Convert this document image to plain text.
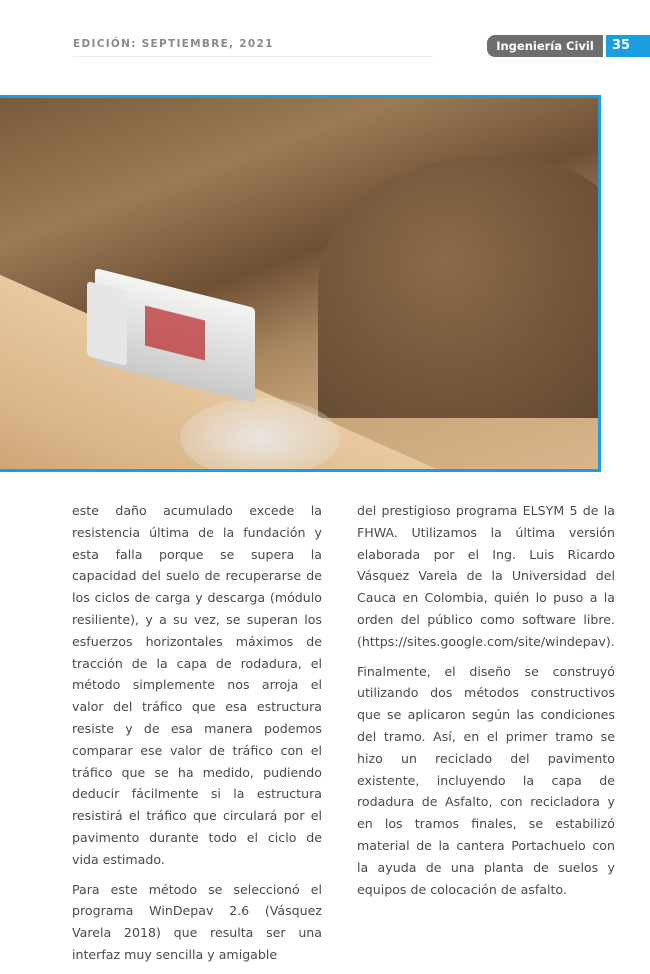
EDICIÓN: SEPTIEMBRE, 2021	Ingeniería Civil	35

este daño acumulado excede la resistencia última de la fundación y esta falla porque se supera la capacidad del suelo de recuperarse de los ciclos de carga y descarga (módulo resiliente), y a su vez, se superan los esfuerzos horizontales máximos de tracción de la capa de rodadura, el método simplemente nos arroja el valor del tráfico que esa estructura resiste y de esa manera podemos comparar ese valor de tráfico con el tráfico que se ha medido, pudiendo deducir fácilmente si la estructura resistirá el tráfico que circulará por el pavimento durante todo el ciclo de vida estimado.

Para este método se seleccionó el programa WinDepav 2.6 (Vásquez Varela 2018) que resulta ser una interfaz muy sencilla y amigable

del prestigioso programa ELSYM 5 de la FHWA. Utilizamos la última versión elaborada por el Ing. Luis Ricardo Vásquez Varela de la Universidad del Cauca en Colombia, quién lo puso a la orden del público como software libre. (https://sites.google.com/site/windepav).

Finalmente, el diseño se construyó utilizando dos métodos constructivos que se aplicaron según las condiciones del tramo. Así, en el primer tramo se hizo un reciclado del pavimento existente, incluyendo la capa de rodadura de Asfalto, con recicladora y en los tramos finales, se estabilizó material de la cantera Portachuelo con la ayuda de una planta de suelos y equipos de colocación de asfalto.
